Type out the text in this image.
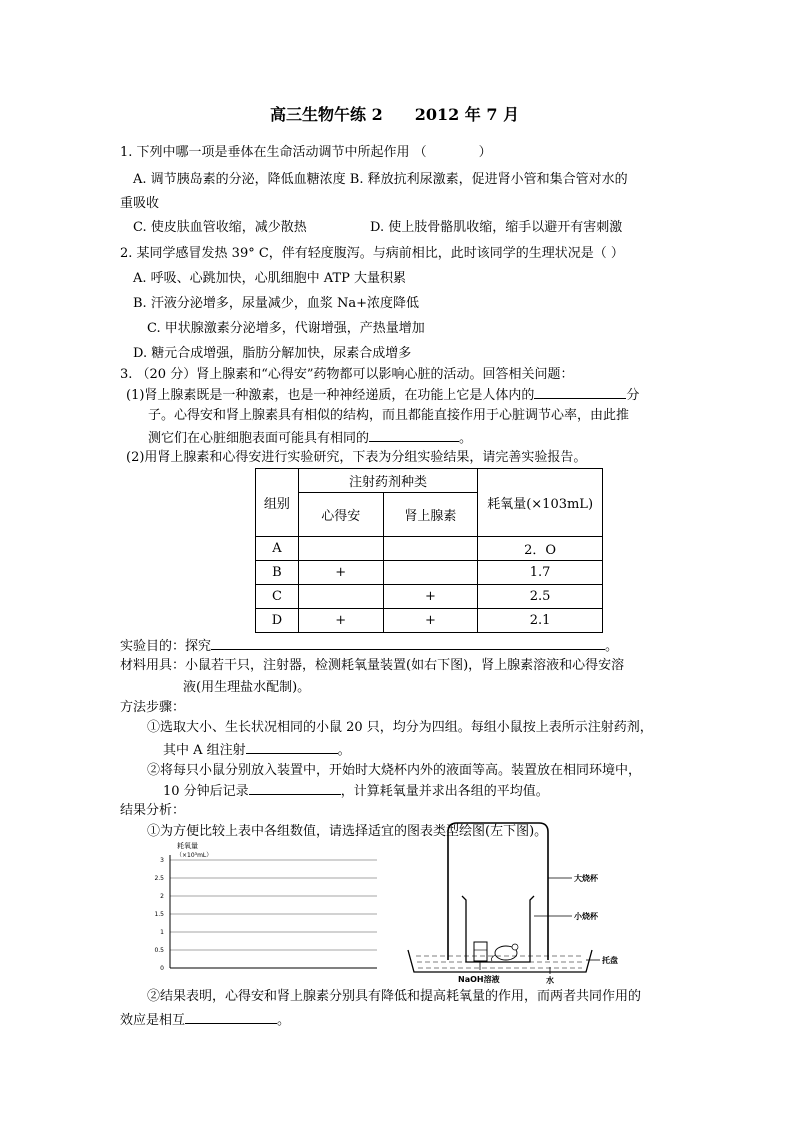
高三生物午练 2　　2012 年 7 月
1. 下列中哪一项是垂体在生命活动调节中所起作用 （　　　　）
A. 调节胰岛素的分泌，降低血糖浓度 B. 释放抗利尿激素，促进肾小管和集合管对水的
重吸收
C. 使皮肤血管收缩，减少散热	D. 使上肢骨骼肌收缩，缩手以避开有害刺激
2. 某同学感冒发热 39° C，伴有轻度腹泻。与病前相比，此时该同学的生理状况是（ ）
A. 呼吸、心跳加快，心肌细胞中 ATP 大量积累
B. 汗液分泌增多，尿量减少，血浆 Na+浓度降低
C. 甲状腺激素分泌增多，代谢增强，产热量增加
D. 糖元合成增强，脂肪分解加快，尿素合成增多
3. （20 分）肾上腺素和“心得安”药物都可以影响心脏的活动。回答相关问题：
(1)肾上腺素既是一种激素，也是一种神经递质，在功能上它是人体内的	分
子。心得安和肾上腺素具有相似的结构，而且都能直接作用于心脏调节心率，由此推
测它们在心脏细胞表面可能具有相同的	。
(2)用肾上腺素和心得安进行实验研究，下表为分组实验结果，请完善实验报告。
组别	注射药剂种类		耗氧量(×103mL)
	心得安	肾上腺素	
A			2．O
B	+		1.7
C		+	2.5
D	+	+	2.1
实验目的：探究	。
材料用具：小鼠若干只，注射器，检测耗氧量装置(如右下图)，肾上腺素溶液和心得安溶
液(用生理盐水配制)。
方法步骤：
①选取大小、生长状况相同的小鼠 20 只，均分为四组。每组小鼠按上表所示注射药剂，
其中 A 组注射	。
②将每只小鼠分别放入装置中，开始时大烧杯内外的液面等高。装置放在相同环境中，
10 分钟后记录	，计算耗氧量并求出各组的平均值。
结果分析：
①为方便比较上表中各组数值，请选择适宜的图表类型绘图(左下图)。
耗氧量
（×10³mL）
3
2.5
2
1.5
1
0.5
0
大烧杯
小烧杯
托盘
NaOH溶液	水
②结果表明，心得安和肾上腺素分别具有降低和提高耗氧量的作用，而两者共同作用的
效应是相互	。
